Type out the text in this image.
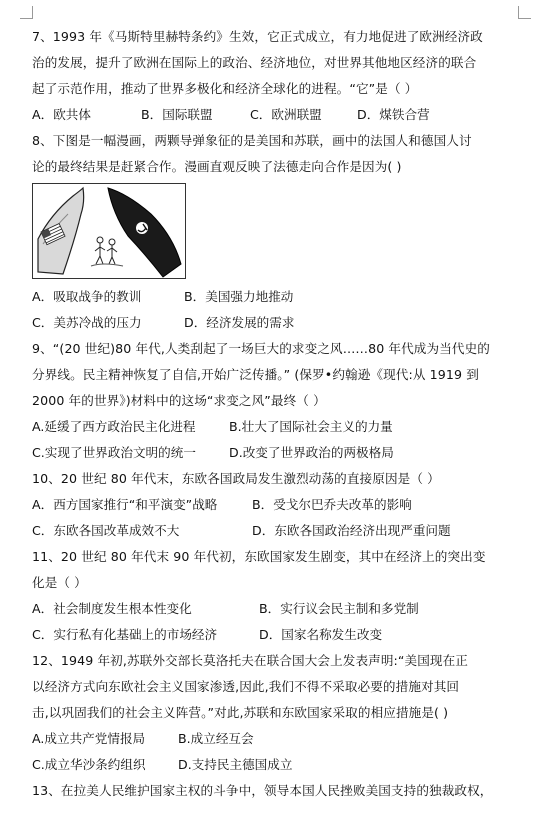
7、1993 年《马斯特里赫特条约》生效，它正式成立，有力地促进了欧洲经济政
治的发展，提升了欧洲在国际上的政治、经济地位，对世界其他地区经济的联合
起了示范作用，推动了世界多极化和经济全球化的进程。“它”是（ ）
A．欧共体	B．国际联盟	C．欧洲联盟	D．煤铁合营
8、下图是一幅漫画，两颗导弹象征的是美国和苏联，画中的法国人和德国人讨
论的最终结果是赶紧合作。漫画直观反映了法德走向合作是因为( )
A．吸取战争的教训	B．美国强力地推动
C．美苏冷战的压力	D．经济发展的需求
9、“(20 世纪)80 年代,人类刮起了一场巨大的求变之风……80 年代成为当代史的
分界线。民主精神恢复了自信,开始广泛传播。” (保罗•约翰逊《现代:从 1919 到
2000 年的世界》)材料中的这场“求变之风”最终（ ）
A.延缓了西方政治民主化进程	B.壮大了国际社会主义的力量
C.实现了世界政治文明的统一	D.改变了世界政治的两极格局
10、20 世纪 80 年代末，东欧各国政局发生激烈动荡的直接原因是（ ）
A．西方国家推行“和平演变”战略	B．受戈尔巴乔夫改革的影响
C．东欧各国改革成效不大	D．东欧各国政治经济出现严重问题
11、20 世纪 80 年代末 90 年代初，东欧国家发生剧变，其中在经济上的突出变
化是（ ）
A．社会制度发生根本性变化	B．实行议会民主制和多党制
C．实行私有化基础上的市场经济	D．国家名称发生改变
12、1949 年初,苏联外交部长莫洛托夫在联合国大会上发表声明:“美国现在正
以经济方式向东欧社会主义国家渗透,因此,我们不得不采取必要的措施对其回
击,以巩固我们的社会主义阵营。”对此,苏联和东欧国家采取的相应措施是( )
A.成立共产党情报局	B.成立经互会
C.成立华沙条约组织	D.支持民主德国成立
13、在拉美人民维护国家主权的斗争中，领导本国人民挫败美国支持的独裁政权，
